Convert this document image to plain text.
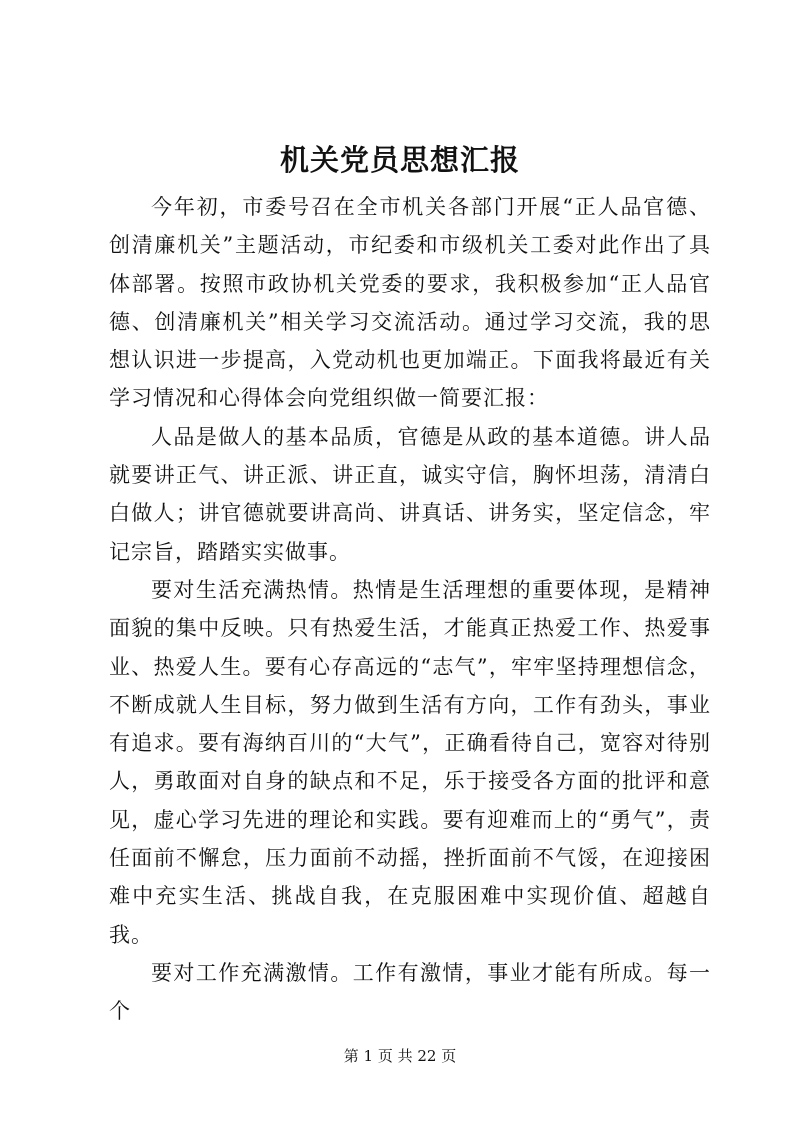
机关党员思想汇报

今年初，市委号召在全市机关各部门开展“正人品官德、创清廉机关”主题活动，市纪委和市级机关工委对此作出了具体部署。按照市政协机关党委的要求，我积极参加“正人品官德、创清廉机关”相关学习交流活动。通过学习交流，我的思想认识进一步提高，入党动机也更加端正。下面我将最近有关学习情况和心得体会向党组织做一简要汇报：

人品是做人的基本品质，官德是从政的基本道德。讲人品就要讲正气、讲正派、讲正直，诚实守信，胸怀坦荡，清清白白做人；讲官德就要讲高尚、讲真话、讲务实，坚定信念，牢记宗旨，踏踏实实做事。

要对生活充满热情。热情是生活理想的重要体现，是精神面貌的集中反映。只有热爱生活，才能真正热爱工作、热爱事业、热爱人生。要有心存高远的“志气”，牢牢坚持理想信念，不断成就人生目标，努力做到生活有方向，工作有劲头，事业有追求。要有海纳百川的“大气”，正确看待自己，宽容对待别人，勇敢面对自身的缺点和不足，乐于接受各方面的批评和意见，虚心学习先进的理论和实践。要有迎难而上的“勇气”，责任面前不懈怠，压力面前不动摇，挫折面前不气馁，在迎接困难中充实生活、挑战自我，在克服困难中实现价值、超越自我。

要对工作充满激情。工作有激情，事业才能有所成。每一个

第 1 页 共 22 页
